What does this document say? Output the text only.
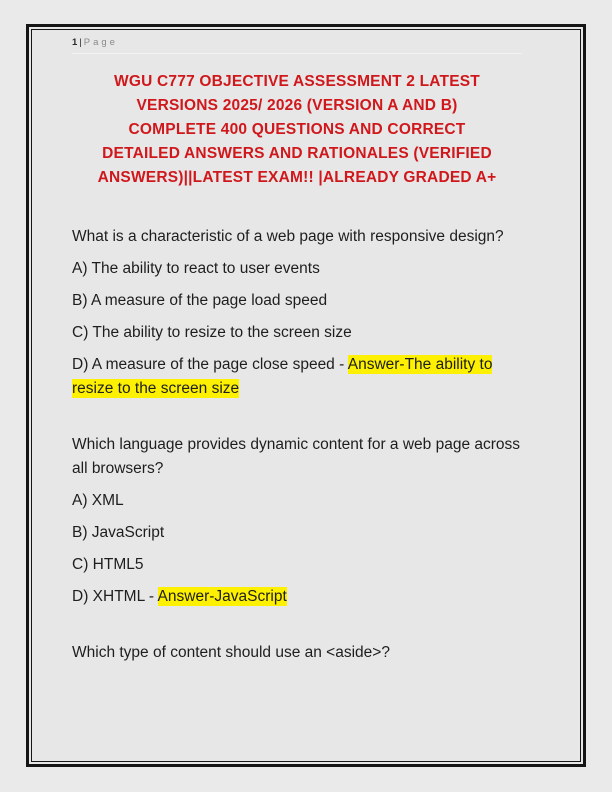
1 | Page
WGU C777 OBJECTIVE ASSESSMENT 2 LATEST
VERSIONS 2025/ 2026 (VERSION A AND B)
COMPLETE 400 QUESTIONS AND CORRECT
DETAILED ANSWERS AND RATIONALES (VERIFIED
ANSWERS)||LATEST EXAM!! |ALREADY GRADED A+

What is a characteristic of a web page with responsive design?

A) The ability to react to user events

B) A measure of the page load speed

C) The ability to resize to the screen size

D) A measure of the page close speed - Answer-The ability to resize to the screen size

Which language provides dynamic content for a web page across all browsers?

A) XML

B) JavaScript

C) HTML5

D) XHTML - Answer-JavaScript

Which type of content should use an <aside>?
